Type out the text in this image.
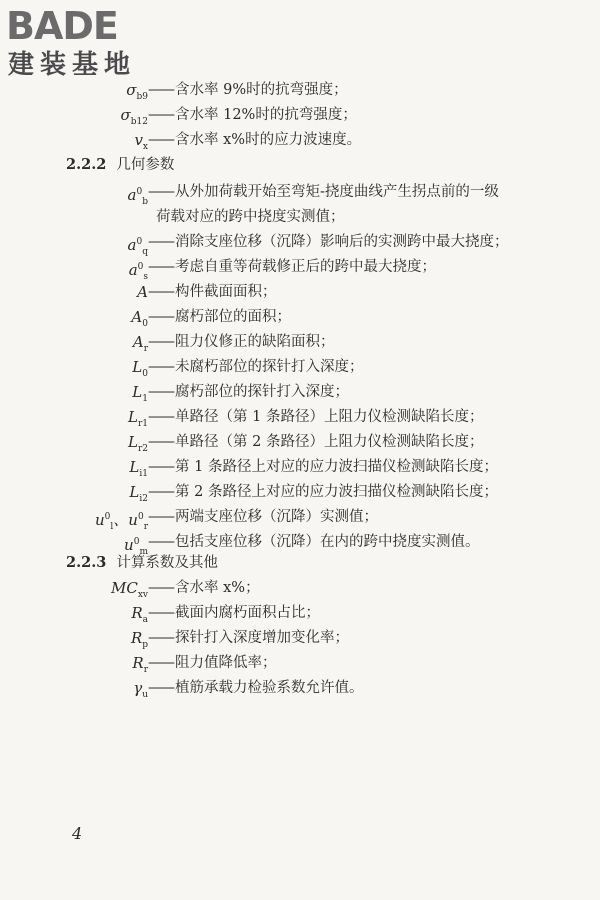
BADE
建装基地
$\sigma_{b9}$ —— 含水率 9%时的抗弯强度；
$\sigma_{b12}$ —— 含水率 12%时的抗弯强度；
$v_x$ —— 含水率 x%时的应力波速度。
2.2.2 几何参数
$a^0_b$
—— 从外加荷载开始至弯矩-挠度曲线产生拐点前的一级
荷载对应的跨中挠度实测值；
$a^0_q$
—— 消除支座位移（沉降）影响后的实测跨中最大挠度；
$a^0_s$
—— 考虑自重等荷载修正后的跨中最大挠度；
A —— 构件截面面积；
$A_0$ —— 腐朽部位的面积；
$A_r$ —— 阻力仪修正的缺陷面积；
$L_0$ —— 未腐朽部位的探针打入深度；
$L_1$ —— 腐朽部位的探针打入深度；
$L_{r1}$ —— 单路径（第 1 条路径）上阻力仪检测缺陷长度；
$L_{r2}$ —— 单路径（第 2 条路径）上阻力仪检测缺陷长度；
$L_{i1}$ —— 第 1 条路径上对应的应力波扫描仪检测缺陷长度；
$L_{i2}$ —— 第 2 条路径上对应的应力波扫描仪检测缺陷长度；
$u^0_l$、$u^0_r$
—— 两端支座位移（沉降）实测值；
$u^0_m$
—— 包括支座位移（沉降）在内的跨中挠度实测值。
2.2.3 计算系数及其他
$MC_{xv}$ —— 含水率 x%；
$R_a$ —— 截面内腐朽面积占比；
$R_p$ —— 探针打入深度增加变化率；
$R_r$ —— 阻力值降低率；
$\gamma_u$ —— 植筋承载力检验系数允许值。
4
